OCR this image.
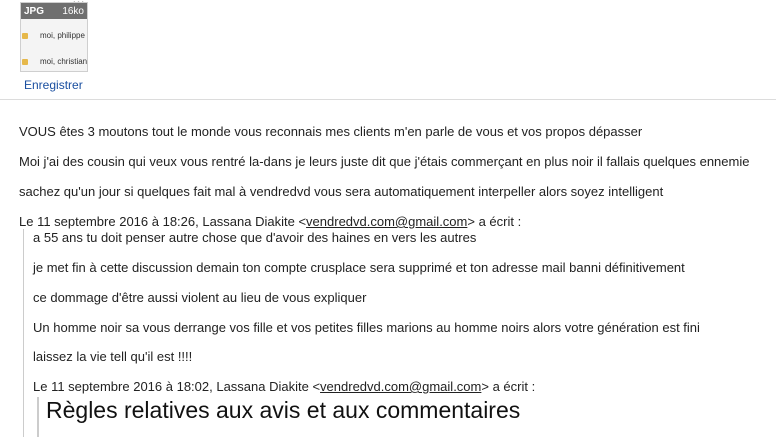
JPG 16ko
moi, philippe
moi, christian
Enregistrer
VOUS êtes 3 moutons tout le monde vous reconnais mes clients m'en parle de vous et vos propos dépasser
Moi j'ai des cousin qui veux vous rentré la-dans je leurs juste dit que j'étais commerçant en plus noir il fallais quelques ennemie
sachez qu'un jour si quelques fait mal à vendredvd vous sera automatiquement interpeller alors soyez intelligent
Le 11 septembre 2016 à 18:26, Lassana Diakite <vendredvd.com@gmail.com> a écrit :
a 55 ans tu doit penser autre chose que d'avoir des haines en vers les autres
je met fin à cette discussion demain ton compte crusplace sera supprimé et ton adresse mail banni définitivement
ce dommage d'être aussi violent au lieu de vous expliquer
Un homme noir sa vous derrange vos fille et vos petites filles marions au homme noirs alors votre génération est fini
laissez la vie tell qu'il est !!!!
Le 11 septembre 2016 à 18:02, Lassana Diakite <vendredvd.com@gmail.com> a écrit :
Règles relatives aux avis et aux commentaires
